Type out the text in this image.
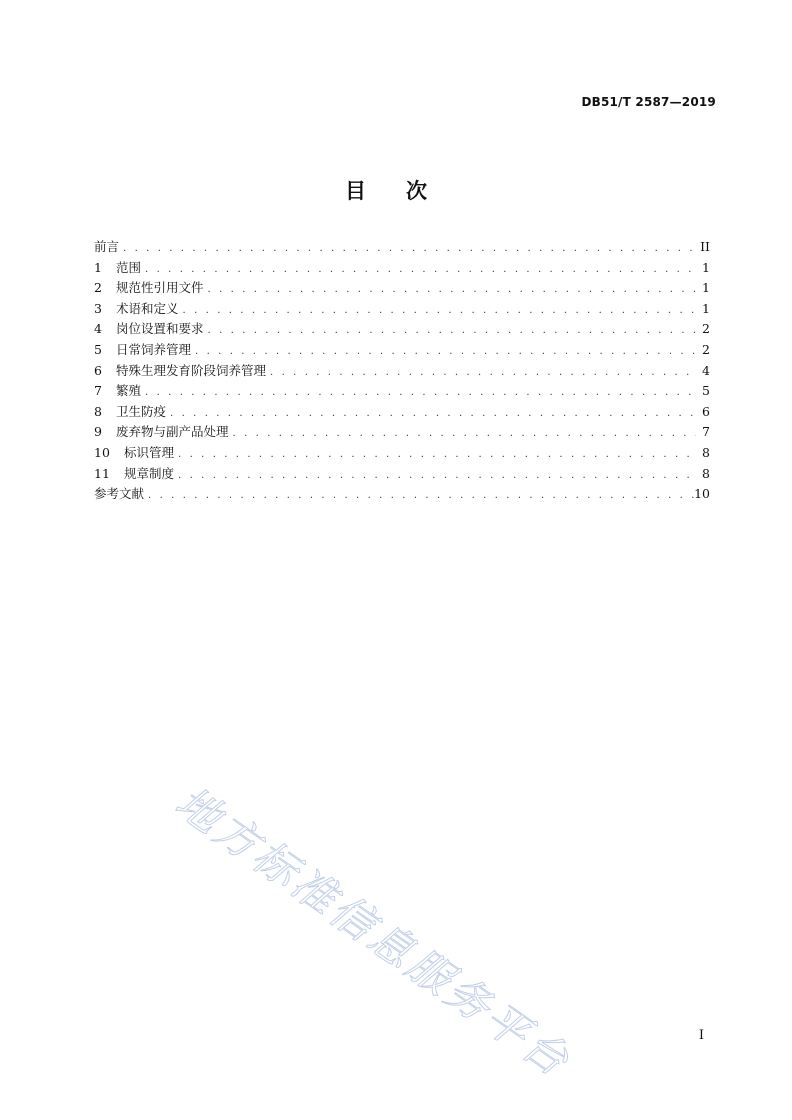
DB51/T 2587—2019
目次
前言 . . .	II
1	范围 . . .	1
2	规范性引用文件 . . .	1
3	术语和定义 . . .	1
4	岗位设置和要求 . . .	2
5	日常饲养管理 . . .	2
6	特殊生理发育阶段饲养管理 . . .	4
7	繁殖 . . .	5
8	卫生防疫 . . .	6
9	废弃物与副产品处理 . . .	7
10	标识管理 . . .	8
11	规章制度 . . .	8
参考文献 . . .	10
地方标准信息服务平台	I
